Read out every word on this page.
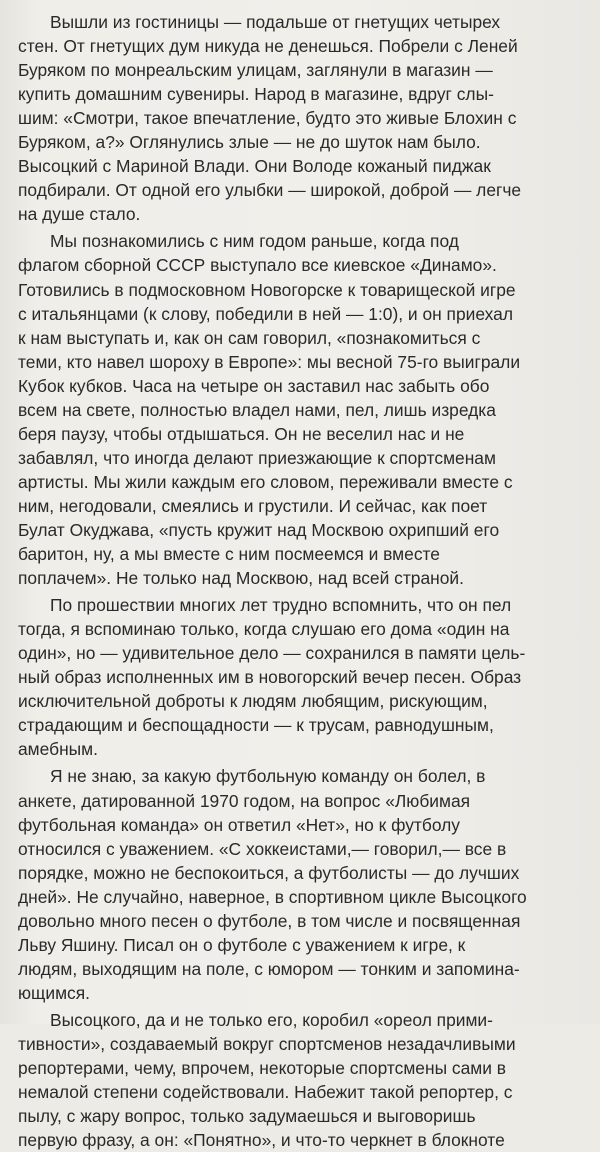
Вышли из гостиницы — подальше от гнетущих четырех
стен. От гнетущих дум никуда не денешься. Побрели с Леней
Буряком по монреальским улицам, заглянули в магазин —
купить домашним сувениры. Народ в магазине, вдруг слы-
шим: «Смотри, такое впечатление, будто это живые Блохин с
Буряком, а?» Оглянулись злые — не до шуток нам было.
Высоцкий с Мариной Влади. Они Володе кожаный пиджак
подбирали. От одной его улыбки — широкой, доброй — легче
на душе стало.
Мы познакомились с ним годом раньше, когда под
флагом сборной СССР выступало все киевское «Динамо».
Готовились в подмосковном Новогорске к товарищеской игре
с итальянцами (к слову, победили в ней — 1:0), и он приехал
к нам выступать и, как он сам говорил, «познакомиться с
теми, кто навел шороху в Европе»: мы весной 75-го выиграли
Кубок кубков. Часа на четыре он заставил нас забыть обо
всем на свете, полностью владел нами, пел, лишь изредка
беря паузу, чтобы отдышаться. Он не веселил нас и не
забавлял, что иногда делают приезжающие к спортсменам
артисты. Мы жили каждым его словом, переживали вместе с
ним, негодовали, смеялись и грустили. И сейчас, как поет
Булат Окуджава, «пусть кружит над Москвою охрипший его
баритон, ну, а мы вместе с ним посмеемся и вместе
поплачем». Не только над Москвою, над всей страной.
По прошествии многих лет трудно вспомнить, что он пел
тогда, я вспоминаю только, когда слушаю его дома «один на
один», но — удивительное дело — сохранился в памяти цель-
ный образ исполненных им в новогорский вечер песен. Образ
исключительной доброты к людям любящим, рискующим,
страдающим и беспощадности — к трусам, равнодушным,
амебным.
Я не знаю, за какую футбольную команду он болел, в
анкете, датированной 1970 годом, на вопрос «Любимая
футбольная команда» он ответил «Нет», но к футболу
относился с уважением. «С хоккеистами,— говорил,— все в
порядке, можно не беспокоиться, а футболисты — до лучших
дней». Не случайно, наверное, в спортивном цикле Высоцкого
довольно много песен о футболе, в том числе и посвященная
Льву Яшину. Писал он о футболе с уважением к игре, к
людям, выходящим на поле, с юмором — тонким и запомина-
ющимся.
Высоцкого, да и не только его, коробил «ореол прими-
тивности», создаваемый вокруг спортсменов незадачливыми
репортерами, чему, впрочем, некоторые спортсмены сами в
немалой степени содействовали. Набежит такой репортер, с
пылу, с жару вопрос, только задумаешься и выговоришь
первую фразу, а он: «Понятно», и что-то черкнет в блокноте
